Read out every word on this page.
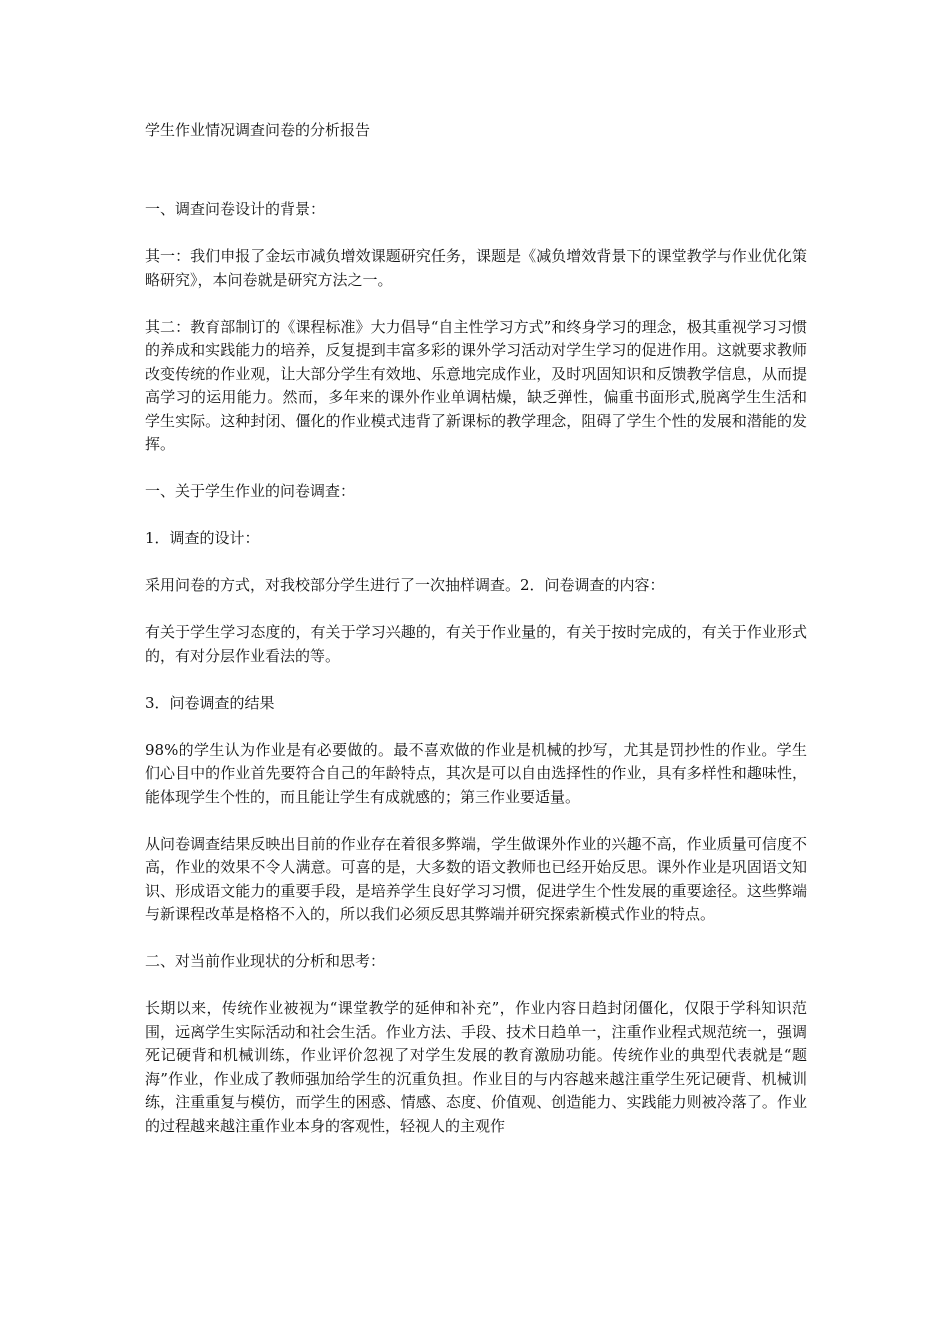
学生作业情况调查问卷的分析报告

一、调查问卷设计的背景：

其一：我们申报了金坛市减负增效课题研究任务，课题是《减负增效背景下的课堂教学与作业优化策略研究》，本问卷就是研究方法之一。

其二：教育部制订的《课程标准》大力倡导“自主性学习方式”和终身学习的理念，极其重视学习习惯的养成和实践能力的培养，反复提到丰富多彩的课外学习活动对学生学习的促进作用。这就要求教师改变传统的作业观，让大部分学生有效地、乐意地完成作业，及时巩固知识和反馈教学信息，从而提高学习的运用能力。然而，多年来的课外作业单调枯燥，缺乏弹性，偏重书面形式,脱离学生生活和学生实际。这种封闭、僵化的作业模式违背了新课标的教学理念，阻碍了学生个性的发展和潜能的发挥。

一、关于学生作业的问卷调查：

1．调查的设计：

采用问卷的方式，对我校部分学生进行了一次抽样调查。2．问卷调查的内容：

有关于学生学习态度的，有关于学习兴趣的，有关于作业量的，有关于按时完成的，有关于作业形式的，有对分层作业看法的等。

3．问卷调查的结果

98%的学生认为作业是有必要做的。最不喜欢做的作业是机械的抄写，尤其是罚抄性的作业。学生们心目中的作业首先要符合自己的年龄特点，其次是可以自由选择性的作业，具有多样性和趣味性，能体现学生个性的，而且能让学生有成就感的；第三作业要适量。

从问卷调查结果反映出目前的作业存在着很多弊端，学生做课外作业的兴趣不高，作业质量可信度不高，作业的效果不令人满意。可喜的是，大多数的语文教师也已经开始反思。课外作业是巩固语文知识、形成语文能力的重要手段，是培养学生良好学习习惯，促进学生个性发展的重要途径。这些弊端与新课程改革是格格不入的，所以我们必须反思其弊端并研究探索新模式作业的特点。

二、对当前作业现状的分析和思考：

长期以来，传统作业被视为“课堂教学的延伸和补充”，作业内容日趋封闭僵化，仅限于学科知识范围，远离学生实际活动和社会生活。作业方法、手段、技术日趋单一，注重作业程式规范统一，强调死记硬背和机械训练，作业评价忽视了对学生发展的教育激励功能。传统作业的典型代表就是“题海”作业，作业成了教师强加给学生的沉重负担。作业目的与内容越来越注重学生死记硬背、机械训练，注重重复与模仿，而学生的困惑、情感、态度、价值观、创造能力、实践能力则被冷落了。作业的过程越来越注重作业本身的客观性，轻视人的主观作
